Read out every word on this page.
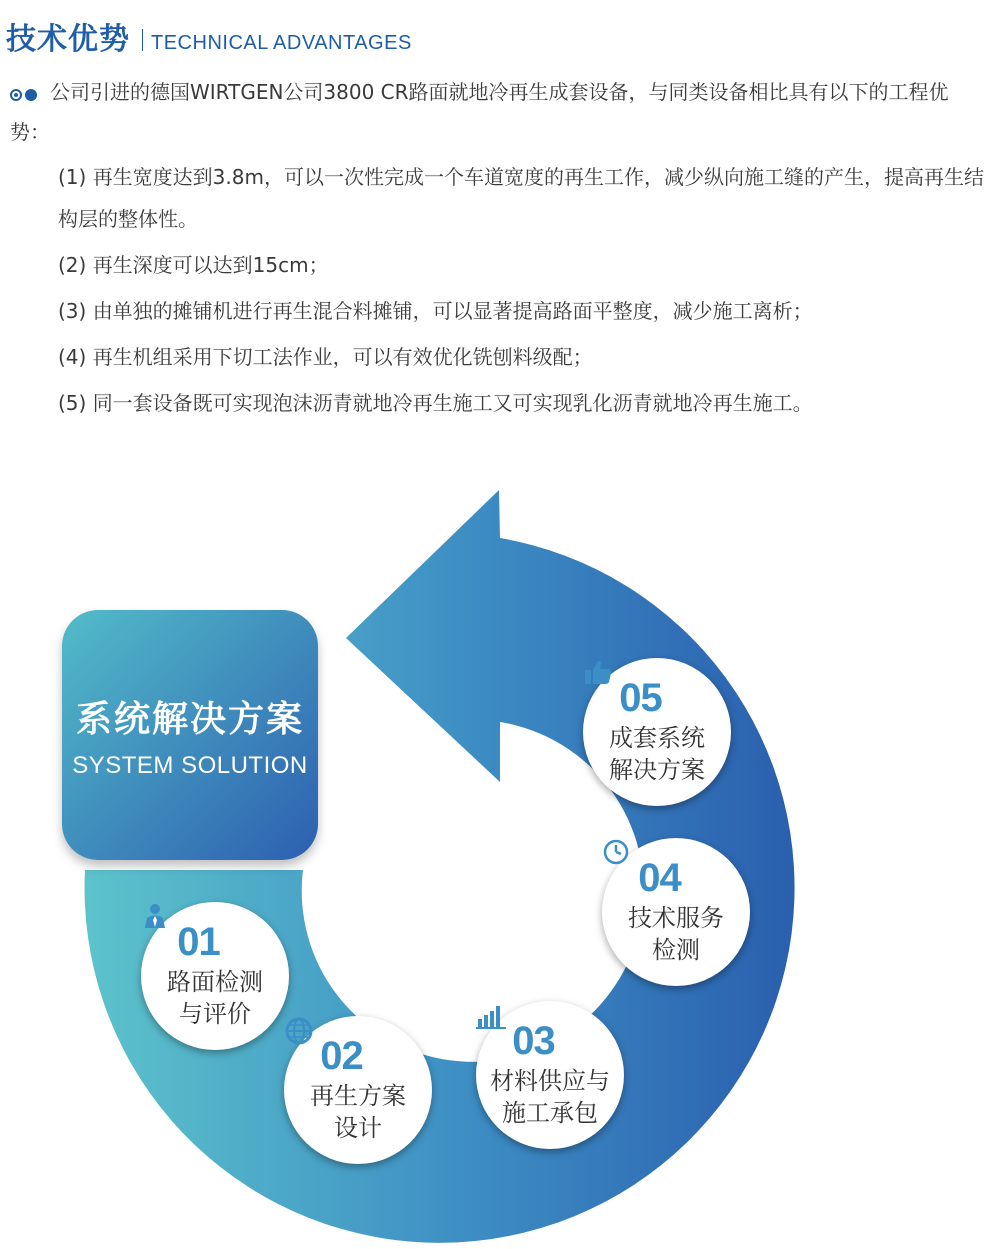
技术优势 TECHNICAL ADVANTAGES
公司引进的德国WIRTGEN公司3800 CR路面就地冷再生成套设备，与同类设备相比具有以下的工程优势：
(1) 再生宽度达到3.8m，可以一次性完成一个车道宽度的再生工作，减少纵向施工缝的产生，提高再生结构层的整体性。
(2) 再生深度可以达到15cm；
(3) 由单独的摊铺机进行再生混合料摊铺，可以显著提高路面平整度，减少施工离析；
(4) 再生机组采用下切工法作业，可以有效优化铣刨料级配；
(5) 同一套设备既可实现泡沫沥青就地冷再生施工又可实现乳化沥青就地冷再生施工。
系统解决方案
SYSTEM SOLUTION
01
路面检测
与评价
02
再生方案
设计
03
材料供应与
施工承包
04
技术服务
检测
05
成套系统
解决方案
